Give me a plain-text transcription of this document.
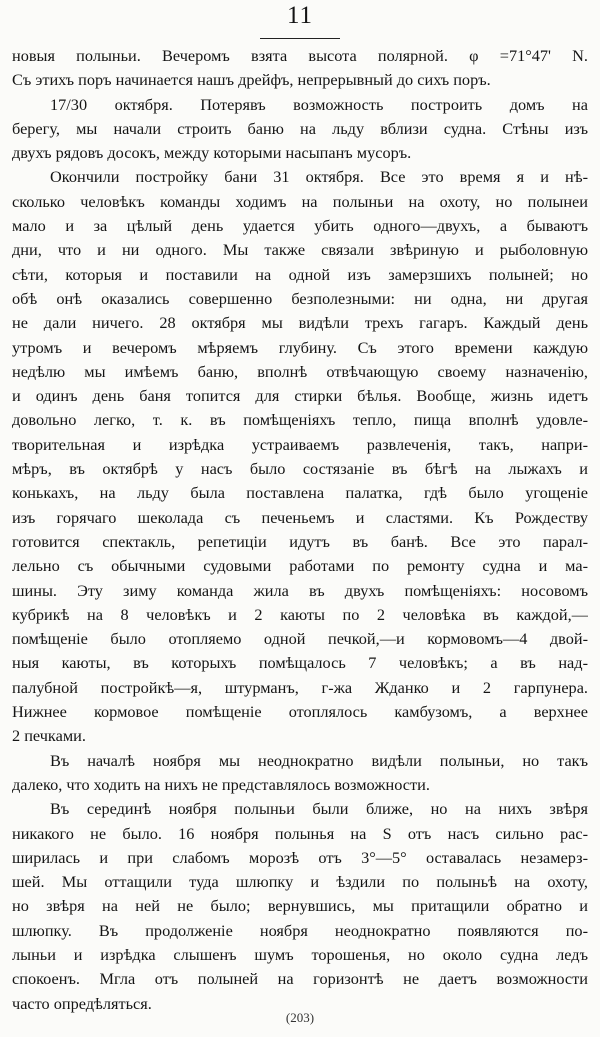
11
новыя полыньи. Вечеромъ взята высота полярной. φ =71°47' N.
Съ этихъ поръ начинается нашъ дрейфъ, непрерывный до сихъ поръ.
17/30 октября. Потерявъ возможность построить домъ на
берегу, мы начали строить баню на льду вблизи судна. Стѣны изъ
двухъ рядовъ досокъ, между которыми насыпанъ мусоръ.
Окончили постройку бани 31 октября. Все это время я и нѣ-
сколько человѣкъ команды ходимъ на полыньи на охоту, но полынеи
мало и за цѣлый день удается убить одного—двухъ, а бываютъ
дни, что и ни одного. Мы также связали звѣриную и рыболовную
сѣти, которыя и поставили на одной изъ замерзшихъ полыней; но
обѣ онѣ оказались совершенно безполезными: ни одна, ни другая
не дали ничего. 28 октября мы видѣли трехъ гагаръ. Каждый день
утромъ и вечеромъ мѣряемъ глубину. Съ этого времени каждую
недѣлю мы имѣемъ баню, вполнѣ отвѣчающую своему назначенію,
и одинъ день баня топится для стирки бѣлья. Вообще, жизнь идетъ
довольно легко, т. к. въ помѣщеніяхъ тепло, пища вполнѣ удовле-
творительная и изрѣдка устраиваемъ развлеченія, такъ, напри-
мѣръ, въ октябрѣ у насъ было состязаніе въ бѣгѣ на лыжахъ и
конькахъ, на льду была поставлена палатка, гдѣ было угощеніе
изъ горячаго шеколада съ печеньемъ и сластями. Къ Рождеству
готовится спектакль, репетиціи идутъ въ банѣ. Все это парал-
лельно съ обычными судовыми работами по ремонту судна и ма-
шины. Эту зиму команда жила въ двухъ помѣщеніяхъ: носовомъ
кубрикѣ на 8 человѣкъ и 2 каюты по 2 человѣка въ каждой,—
помѣщеніе было отопляемо одной печкой,—и кормовомъ—4 двой-
ныя каюты, въ которыхъ помѣщалось 7 человѣкъ; а въ над-
палубной постройкѣ—я, штурманъ, г-жа Жданко и 2 гарпунера.
Нижнее кормовое помѣщеніе отоплялось камбузомъ, а верхнее
2 печками.
Въ началѣ ноября мы неоднократно видѣли полыньи, но такъ
далеко, что ходить на нихъ не представлялось возможности.
Въ серединѣ ноября полыньи были ближе, но на нихъ звѣря
никакого не было. 16 ноября полынья на S отъ насъ сильно рас-
ширилась и при слабомъ морозѣ отъ 3°—5° оставалась незамерз-
шей. Мы оттащили туда шлюпку и ѣздили по полыньѣ на охоту,
но звѣря на ней не было; вернувшись, мы притащили обратно и
шлюпку. Въ продолженіе ноября неоднократно появляются по-
лыньи и изрѣдка слышенъ шумъ торошенья, но около судна ледъ
спокоенъ. Мгла отъ полыней на горизонтѣ не даетъ возможности
часто опредѣляться.
(203)
